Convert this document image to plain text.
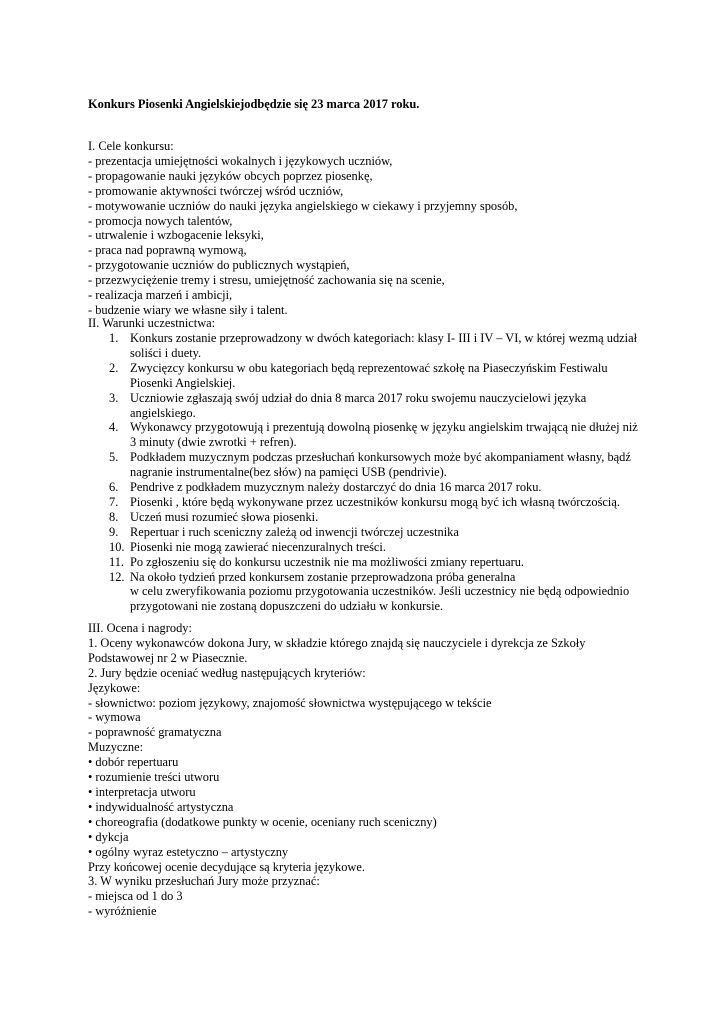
Konkurs Piosenki Angielskiejodbędzie się 23 marca 2017 roku.
I. Cele konkursu:
- prezentacja umiejętności wokalnych i językowych uczniów,
- propagowanie nauki języków obcych poprzez piosenkę,
- promowanie aktywności twórczej wśród uczniów,
- motywowanie uczniów do nauki języka angielskiego w ciekawy i przyjemny sposób,
- promocja nowych talentów,
- utrwalenie i wzbogacenie leksyki,
- praca nad poprawną wymową,
- przygotowanie uczniów do publicznych wystąpień,
- przezwyciężenie tremy i stresu, umiejętność zachowania się na scenie,
- realizacja marzeń i ambicji,
- budzenie wiary we własne siły i talent.
II. Warunki uczestnictwa:
1. Konkurs zostanie przeprowadzony w dwóch kategoriach: klasy I- III i IV – VI, w której wezmą udział
soliści i duety.
2. Zwycięzcy konkursu w obu kategoriach będą reprezentować szkołę na Piaseczyńskim Festiwalu
Piosenki Angielskiej.
3. Uczniowie zgłaszają swój udział do dnia 8 marca 2017 roku swojemu nauczycielowi języka
angielskiego.
4. Wykonawcy przygotowują i prezentują dowolną piosenkę w języku angielskim trwającą nie dłużej niż
3 minuty (dwie zwrotki + refren).
5. Podkładem muzycznym podczas przesłuchań konkursowych może być akompaniament własny, bądź
nagranie instrumentalne(bez słów) na pamięci USB (pendrivie).
6. Pendrive z podkładem muzycznym należy dostarczyć do dnia 16 marca 2017 roku.
7. Piosenki , które będą wykonywane przez uczestników konkursu mogą być ich własną twórczością.
8. Uczeń musi rozumieć słowa piosenki.
9. Repertuar i ruch sceniczny zależą od inwencji twórczej uczestnika
10. Piosenki nie mogą zawierać niecenzuralnych treści.
11. Po zgłoszeniu się do konkursu uczestnik nie ma możliwości zmiany repertuaru.
12. Na około tydzień przed konkursem zostanie przeprowadzona próba generalna
w celu zweryfikowania poziomu przygotowania uczestników. Jeśli uczestnicy nie będą odpowiednio
przygotowani nie zostaną dopuszczeni do udziału w konkursie.
III. Ocena i nagrody:
1. Oceny wykonawców dokona Jury, w składzie którego znajdą się nauczyciele i dyrekcja ze Szkoły
Podstawowej nr 2 w Piasecznie.
2. Jury będzie oceniać według następujących kryteriów:
Językowe:
- słownictwo: poziom językowy, znajomość słownictwa występującego w tekście
- wymowa
- poprawność gramatyczna
Muzyczne:
• dobór repertuaru
• rozumienie treści utworu
• interpretacja utworu
• indywidualność artystyczna
• choreografia (dodatkowe punkty w ocenie, oceniany ruch sceniczny)
• dykcja
• ogólny wyraz estetyczno – artystyczny
Przy końcowej ocenie decydujące są kryteria językowe.
3. W wyniku przesłuchań Jury może przyznać:
- miejsca od 1 do 3
- wyróżnienie
